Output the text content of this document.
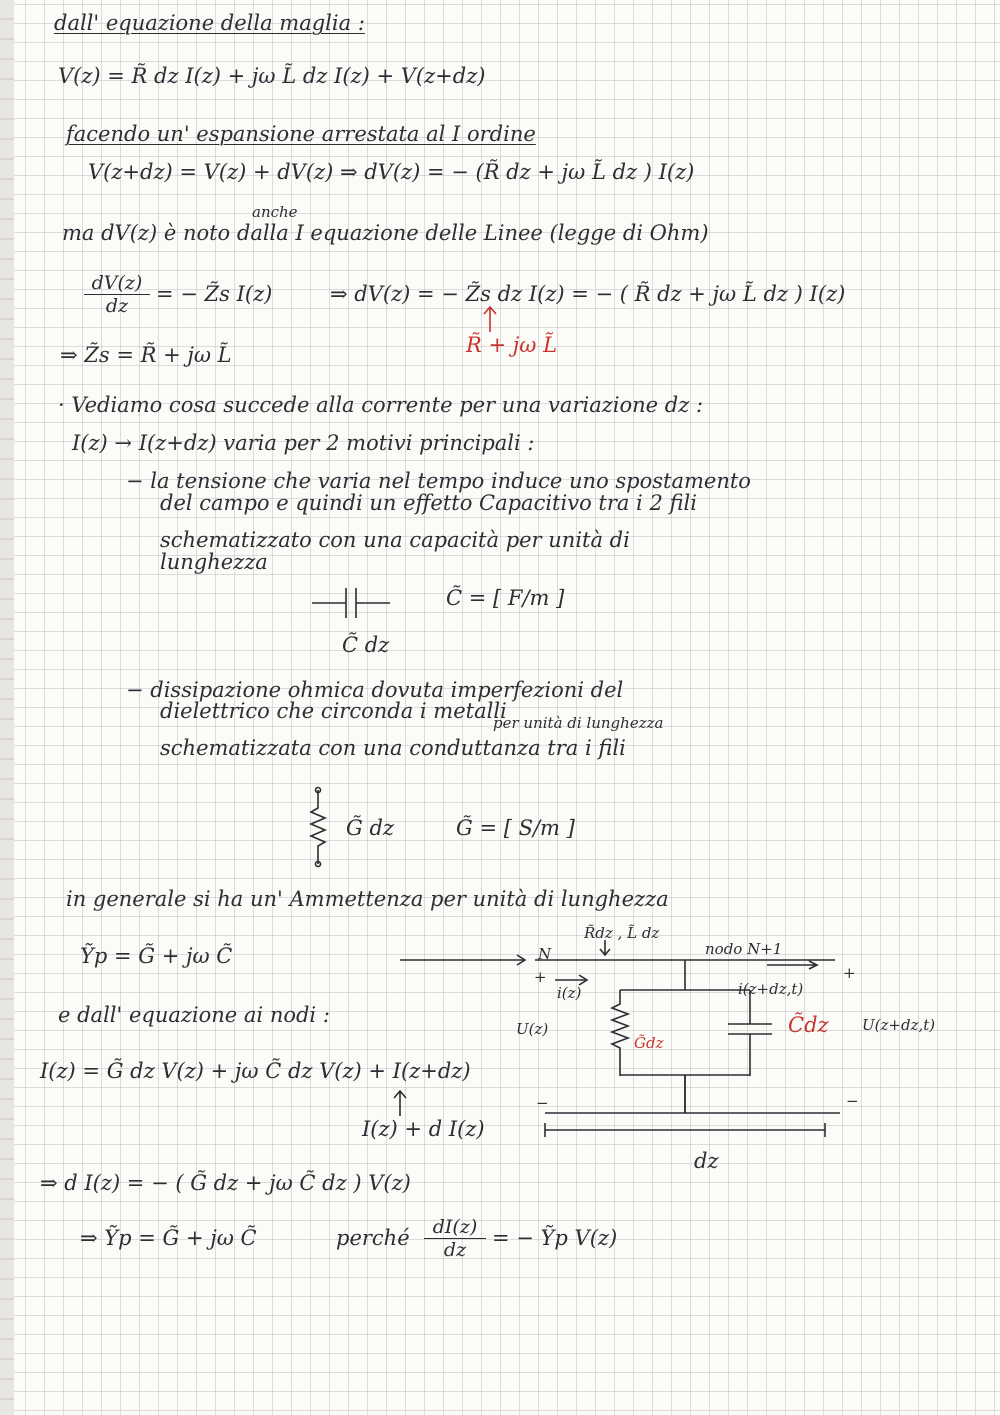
dall' equazione della maglia :
V(z) = R̃ dz I(z) + jω L̃ dz I(z) + V(z+dz)
facendo un' espansione arrestata al I ordine
V(z+dz) = V(z) + dV(z) ⇒ dV(z) = − (R̃ dz + jω L̃ dz ) I(z)
anche
ma dV(z) è noto dalla I equazione delle Linee (legge di Ohm)
$\frac{dV(z)}{dz}$ = − Z̃s I(z)	⇒ dV(z) = − Z̃s dz I(z) = − ( R̃ dz + jω L̃ dz ) I(z)
R̃ + jω L̃
⇒ Z̃s = R̃ + jω L̃
· Vediamo cosa succede alla corrente per una variazione dz :
I(z) → I(z+dz) varia per 2 motivi principali :
− la tensione che varia nel tempo induce uno spostamento
del campo e quindi un effetto Capacitivo tra i 2 fili
schematizzato con una capacità per unità di
lunghezza
C̃ dz
C̃ = [ F/m ]
− dissipazione ohmica dovuta imperfezioni del
dielettrico che circonda i metalli
per unità di lunghezza
schematizzata con una conduttanza tra i fili
G̃ dz	G̃ = [ S/m ]
in generale si ha un' Ammettenza per unità di lunghezza
Ỹp = G̃ + jω C̃
e dall' equazione ai nodi :
I(z) = G̃ dz V(z) + jω C̃ dz V(z) + I(z+dz)
I(z) + d I(z)
⇒ d I(z) = − ( G̃ dz + jω C̃ dz ) V(z)
⇒ Ỹp = G̃ + jω C̃	perché $\frac{dI(z)}{dz}$ = − Ỹp V(z)
R̃dz , L̃ dz
N	nodo N+1
+	+
i(z)	i(z+dz,t)
U(z)	U(z+dz,t)
G̃dz
C̃dz
−	−
dz
